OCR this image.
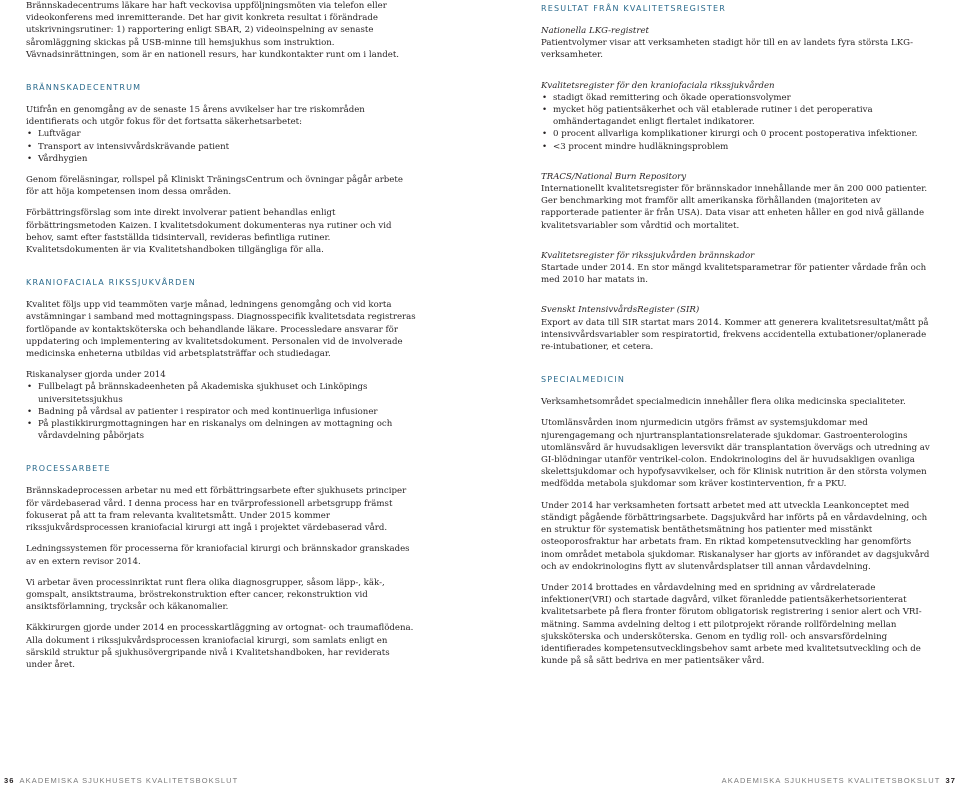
Brännskadecentrums läkare har haft veckovisa uppföljningsmöten via telefon eller videokonferens med inremitterande. Det har givit konkreta resultat i förändrade utskrivningsrutiner: 1) rapportering enligt SBAR, 2) videoinspelning av senaste såromläggning skickas på USB-minne till hemsjukhus som instruktion. Vävnadsinrättningen, som är en nationell resurs, har kundkontakter runt om i landet.

BRÄNNSKADECENTRUM

Utifrån en genomgång av de senaste 15 årens avvikelser har tre riskområden identifierats och utgör fokus för det fortsatta säkerhetsarbetet:

• Luftvägar
• Transport av intensivvårdskrävande patient
• Vårdhygien

Genom föreläsningar, rollspel på Kliniskt TräningsCentrum och övningar pågår arbete för att höja kompetensen inom dessa områden.

Förbättringsförslag som inte direkt involverar patient behandlas enligt förbättringsmetoden Kaizen. I kvalitetsdokument dokumenteras nya rutiner och vid behov, samt efter fastställda tidsintervall, revideras befintliga rutiner. Kvalitetsdokumenten är via Kvalitetshandboken tillgängliga för alla.

KRANIOFACIALA RIKSSJUKVÅRDEN

Kvalitet följs upp vid teammöten varje månad, ledningens genomgång och vid korta avstämningar i samband med mottagningspass. Diagnosspecifik kvalitetsdata registreras fortlöpande av kontaktsköterska och behandlande läkare. Processledare ansvarar för uppdatering och implementering av kvalitetsdokument. Personalen vid de involverade medicinska enheterna utbildas vid arbetsplatsträffar och studiedagar.

Riskanalyser gjorda under 2014

• Fullbelagt på brännskadeenheten på Akademiska sjukhuset och Linköpings universitetssjukhus
• Badning på vårdsal av patienter i respirator och med kontinuerliga infusioner
• På plastikkirurgmottagningen har en riskanalys om delningen av mottagning och vårdavdelning påbörjats
PROCESSARBETE

Brännskadeprocessen arbetar nu med ett förbättringsarbete efter sjukhusets principer för värdebaserad vård. I denna process har en tvärprofessionell arbetsgrupp främst fokuserat på att ta fram relevanta kvalitetsmått. Under 2015 kommer rikssjukvårdsprocessen kraniofacial kirurgi att ingå i projektet värdebaserad vård.

Ledningssystemen för processerna för kraniofacial kirurgi och brännskador granskades av en extern revisor 2014.

Vi arbetar även processinriktat runt flera olika diagnosgrupper, såsom läpp-, käk-, gomspalt, ansiktstrauma, bröstrekonstruktion efter cancer, rekonstruktion vid ansiktsförlamning, trycksår och käkanomalier.

Käkkirurgen gjorde under 2014 en processkartläggning av ortognat- och traumaflödena. Alla dokument i rikssjukvårdsprocessen kraniofacial kirurgi, som samlats enligt en särskild struktur på sjukhusövergripande nivå i Kvalitetshandboken, har reviderats under året.

RESULTAT FRÅN KVALITETSREGISTER

Nationella LKG-registret

Patientvolymer visar att verksamheten stadigt hör till en av landets fyra största LKG-verksamheter.

Kvalitetsregister för den kraniofaciala rikssjukvården

• stadigt ökad remittering och ökade operationsvolymer
• mycket hög patientsäkerhet och väl etablerade rutiner i det peroperativa omhändertagandet enligt flertalet indikatorer.
• 0 procent allvarliga komplikationer kirurgi och 0 procent postoperativa infektioner.
• <3 procent mindre hudläkningsproblem

TRACS/National Burn Repository

Internationellt kvalitetsregister för brännskador innehållande mer än 200 000 patienter. Ger benchmarking mot framför allt amerikanska förhållanden (majoriteten av rapporterade patienter är från USA). Data visar att enheten håller en god nivå gällande kvalitetsvariabler som vårdtid och mortalitet.

Kvalitetsregister för rikssjukvården brännskador

Startade under 2014. En stor mängd kvalitetsparametrar för patienter vårdade från och med 2010 har matats in.

Svenskt IntensivvårdsRegister (SIR)

Export av data till SIR startat mars 2014. Kommer att generera kvalitetsresultat/mått på intensivvårdsvariabler som respiratortid, frekvens accidentella extubationer/oplanerade re-intubationer, et cetera.

SPECIALMEDICIN

Verksamhetsområdet specialmedicin innehåller flera olika medicinska specialiteter.

Utomlänsvården inom njurmedicin utgörs främst av systemsjukdomar med njurengagemang och njurtransplantationsrelaterade sjukdomar. Gastroenterologins utomlänsvård är huvudsakligen leversvikt där transplantation övervägs och utredning av GI-blödningar utanför ventrikel-colon. Endokrinologins del är huvudsakligen ovanliga skelettsjukdomar och hypofysavvikelser, och för Klinisk nutrition är den största volymen medfödda metabola sjukdomar som kräver kostintervention, fr a PKU.

Under 2014 har verksamheten fortsatt arbetet med att utveckla Leankonceptet med ständigt pågående förbättringsarbete. Dagsjukvård har införts på en vårdavdelning, och en struktur för systematisk bentäthetsmätning hos patienter med misstänkt osteoporosfraktur har arbetats fram. En riktad kompetensutveckling har genomförts inom området metabola sjukdomar. Riskanalyser har gjorts av införandet av dagsjukvård och av endokrinologins flytt av slutenvårdsplatser till annan vårdavdelning.

Under 2014 brottades en vårdavdelning med en spridning av vårdrelaterade infektioner(VRI) och startade dagvård, vilket föranledde patientsäkerhetsorienterat kvalitetsarbete på flera fronter förutom obligatorisk registrering i senior alert och VRI-mätning. Samma avdelning deltog i ett pilotprojekt rörande rollfördelning mellan sjuksköterska och undersköterska. Genom en tydlig roll- och ansvarsfördelning identifierades kompetensutvecklingsbehov samt arbete med kvalitetsutveckling och de kunde på så sätt bedriva en mer patientsäker vård.

36 AKADEMISKA SJUKHUSETS KVALITETSBOKSLUT	AKADEMISKA SJUKHUSETS KVALITETSBOKSLUT 37
